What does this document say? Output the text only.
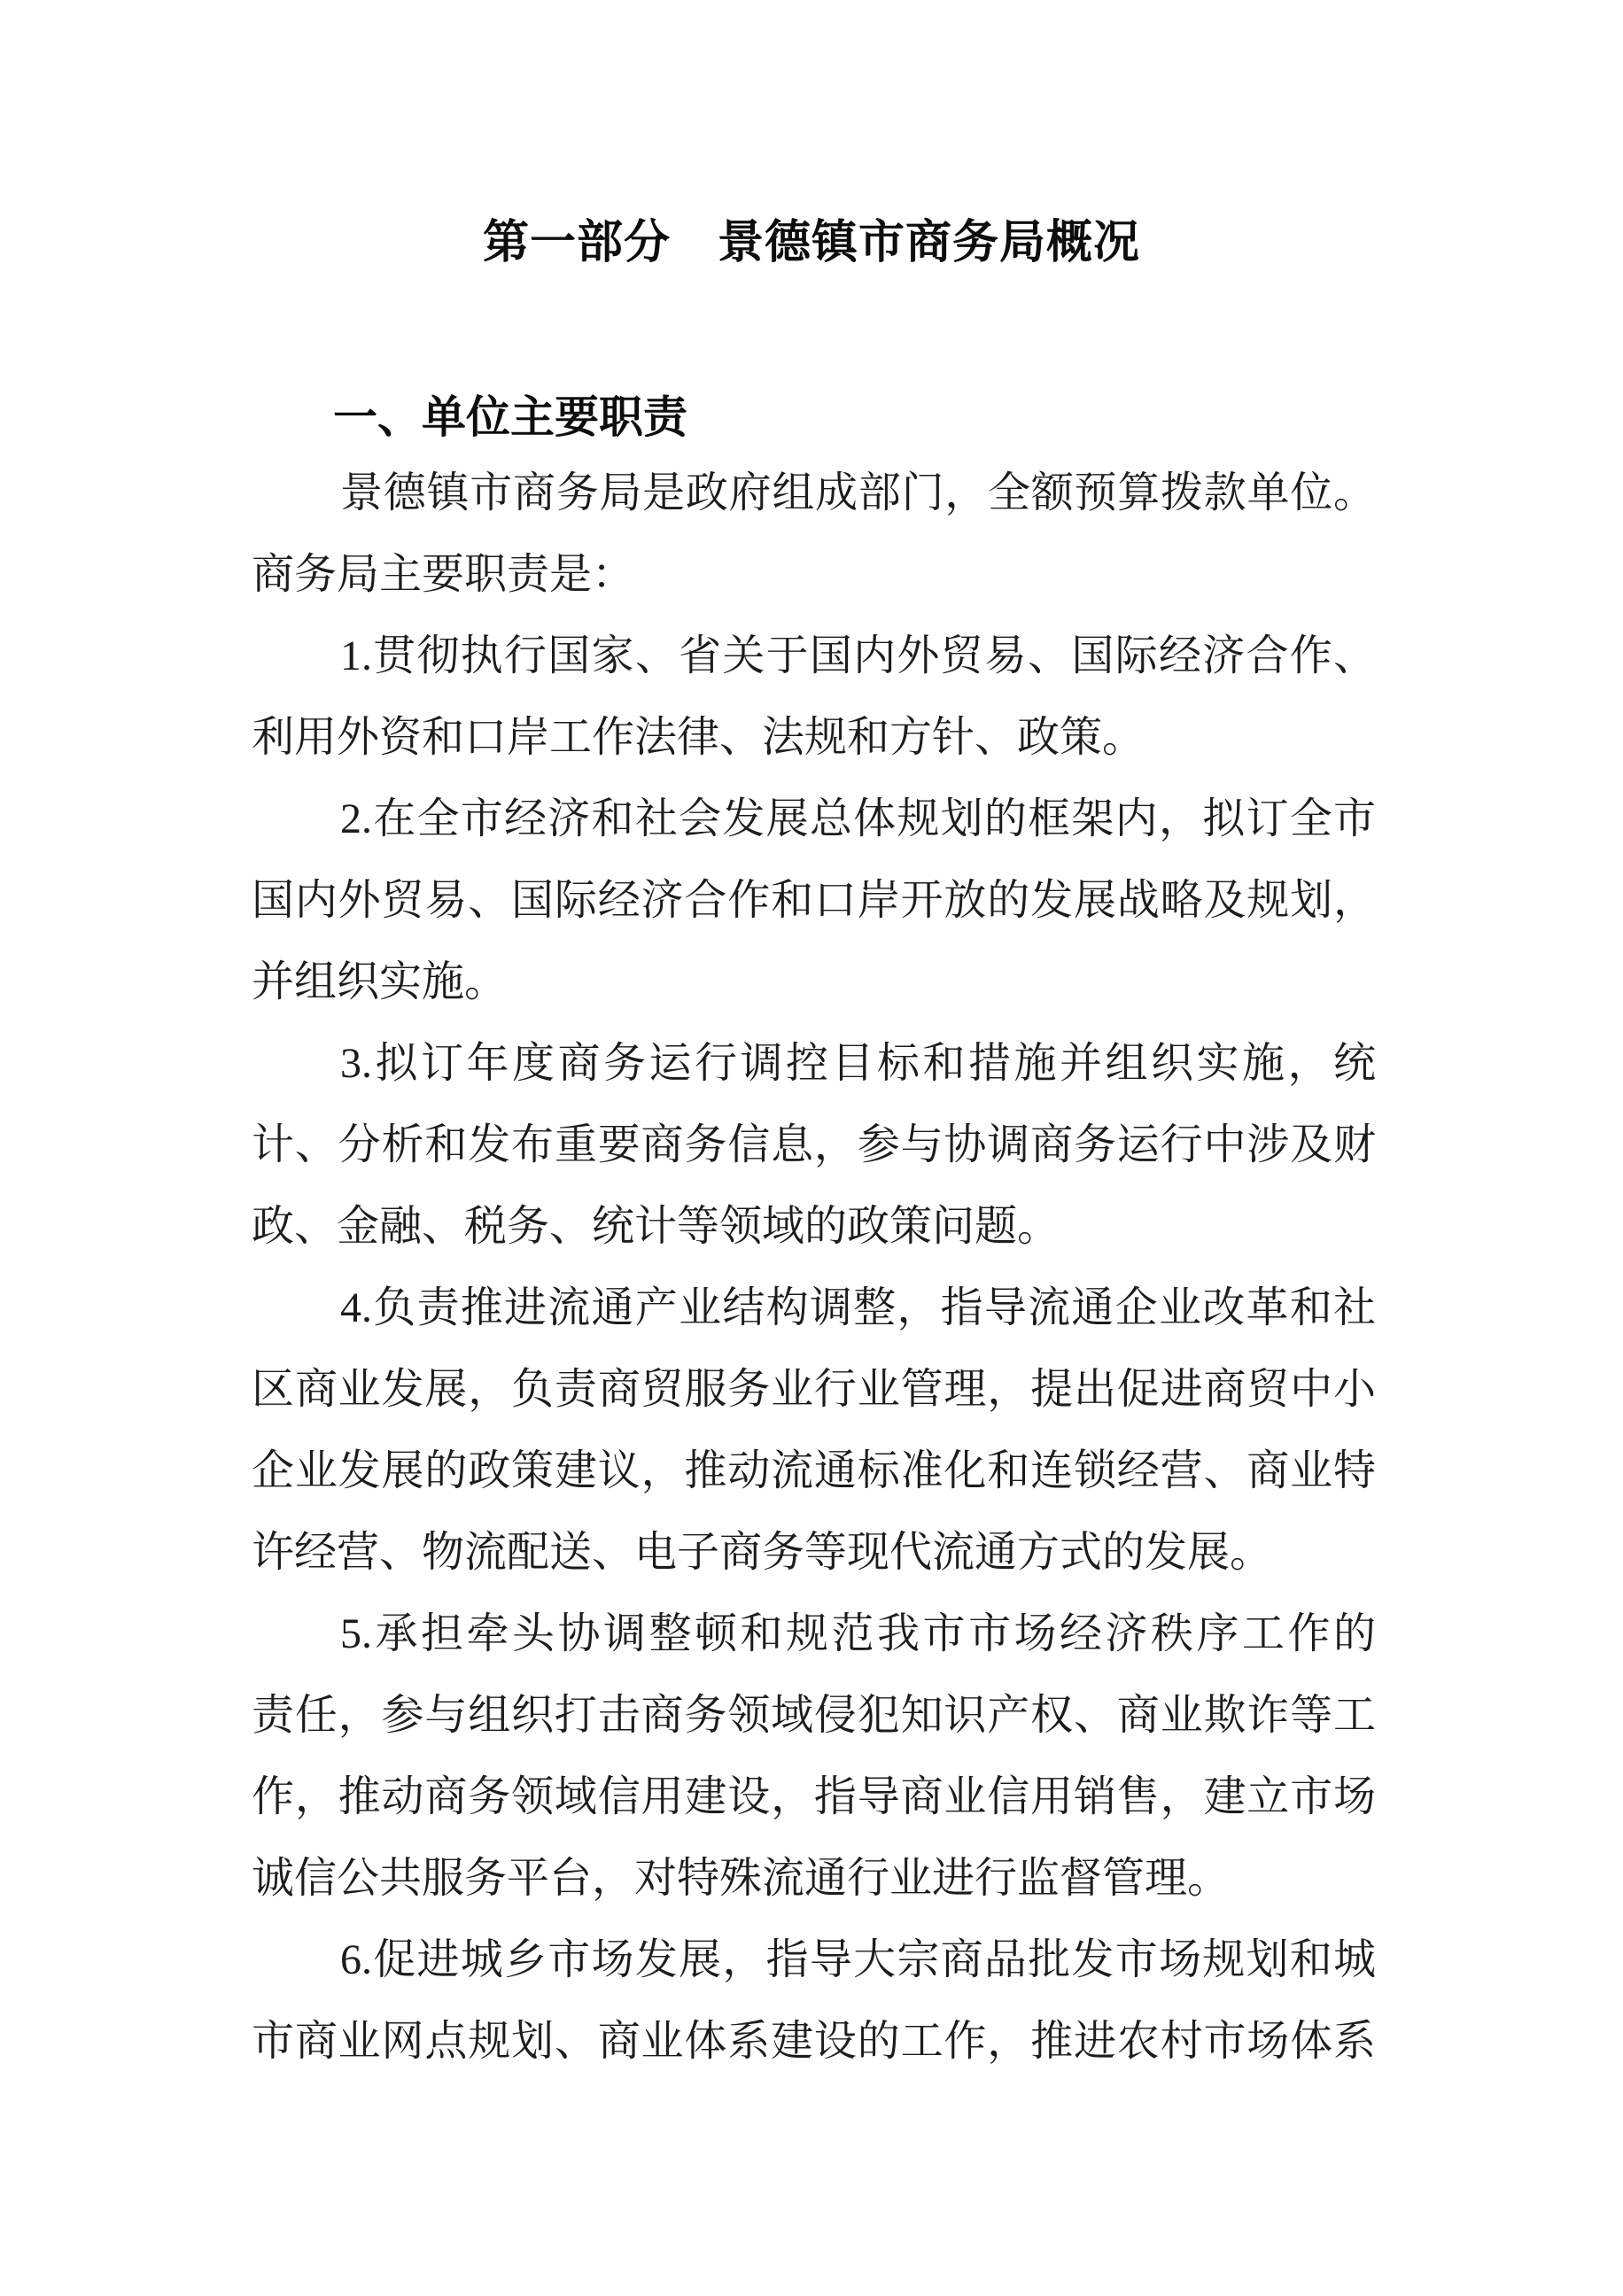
第一部分　景德镇市商务局概况
一、单位主要职责
景德镇市商务局是政府组成部门，全额预算拨款单位。
商务局主要职责是：
1.贯彻执行国家、省关于国内外贸易、国际经济合作、
利用外资和口岸工作法律、法规和方针、政策。
2.在全市经济和社会发展总体规划的框架内，拟订全市
国内外贸易、国际经济合作和口岸开放的发展战略及规划，
并组织实施。
3.拟订年度商务运行调控目标和措施并组织实施，统
计、分析和发布重要商务信息，参与协调商务运行中涉及财
政、金融、税务、统计等领域的政策问题。
4.负责推进流通产业结构调整，指导流通企业改革和社
区商业发展，负责商贸服务业行业管理，提出促进商贸中小
企业发展的政策建议，推动流通标准化和连锁经营、商业特
许经营、物流配送、电子商务等现代流通方式的发展。
5.承担牵头协调整顿和规范我市市场经济秩序工作的
责任，参与组织打击商务领域侵犯知识产权、商业欺诈等工
作，推动商务领域信用建设，指导商业信用销售，建立市场
诚信公共服务平台，对特殊流通行业进行监督管理。
6.促进城乡市场发展，指导大宗商品批发市场规划和城
市商业网点规划、商业体系建设的工作，推进农村市场体系
